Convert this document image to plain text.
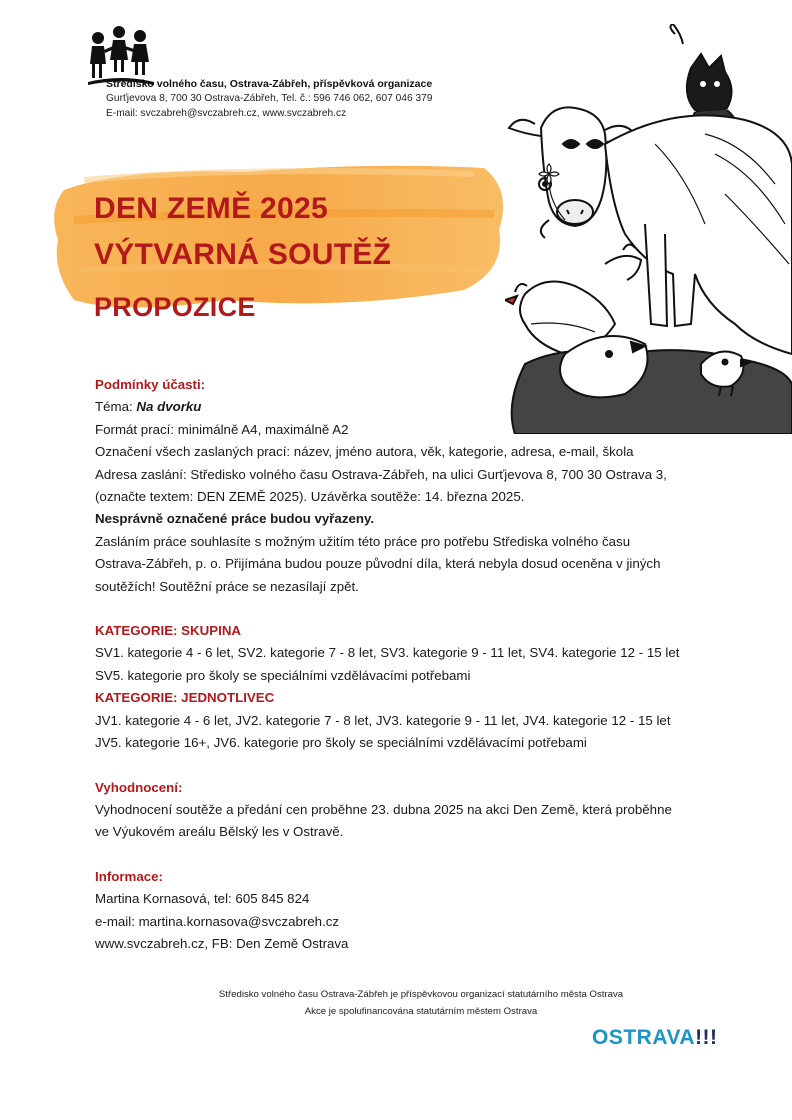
Středisko volného času, Ostrava-Zábřeh, příspěvková organizace
Gurťjevova 8, 700 30 Ostrava-Zábřeh, Tel. č.: 596 746 062, 607 046 379
E-mail: svczabreh@svczabreh.cz, www.svczabreh.cz
DEN ZEMĚ 2025
VÝTVARNÁ SOUTĚŽ
PROPOZICE

Podmínky účasti:

Téma: Na dvorku

Formát prací: minimálně A4, maximálně A2

Označení všech zaslaných prací: název, jméno autora, věk, kategorie, adresa, e-mail, škola

Adresa zaslání: Středisko volného času Ostrava-Zábřeh, na ulici Gurťjevova 8, 700 30 Ostrava 3,

(označte textem: DEN ZEMĚ 2025). Uzávěrka soutěže: 14. března 2025.

Nesprávně označené práce budou vyřazeny.

Zasláním práce souhlasíte s možným užitím této práce pro potřebu Střediska volného času

Ostrava-Zábřeh, p. o. Přijímána budou pouze původní díla, která nebyla dosud oceněna v jiných

soutěžích! Soutěžní práce se nezasílají zpět.

KATEGORIE: SKUPINA

SV1. kategorie 4 - 6 let, SV2. kategorie 7 - 8 let, SV3. kategorie 9 - 11 let, SV4. kategorie 12 - 15 let

SV5. kategorie pro školy se speciálními vzdělávacími potřebami

KATEGORIE: JEDNOTLIVEC

JV1. kategorie 4 - 6 let, JV2. kategorie 7 - 8 let, JV3. kategorie 9 - 11 let, JV4. kategorie 12 - 15 let

JV5. kategorie 16+, JV6. kategorie pro školy se speciálními vzdělávacími potřebami

Vyhodnocení:

Vyhodnocení soutěže a předání cen proběhne 23. dubna 2025 na akci Den Země, která proběhne

ve Výukovém areálu Bělský les v Ostravě.

Informace:

Martina Kornasová, tel: 605 845 824

e-mail: martina.kornasova@svczabreh.cz

www.svczabreh.cz, FB: Den Země Ostrava

Středisko volného času Ostrava-Zábřeh je příspěvkovou organizací statutárního města Ostrava
Akce je spolufinancována statutárním městem Ostrava
OSTRAVA!!!
